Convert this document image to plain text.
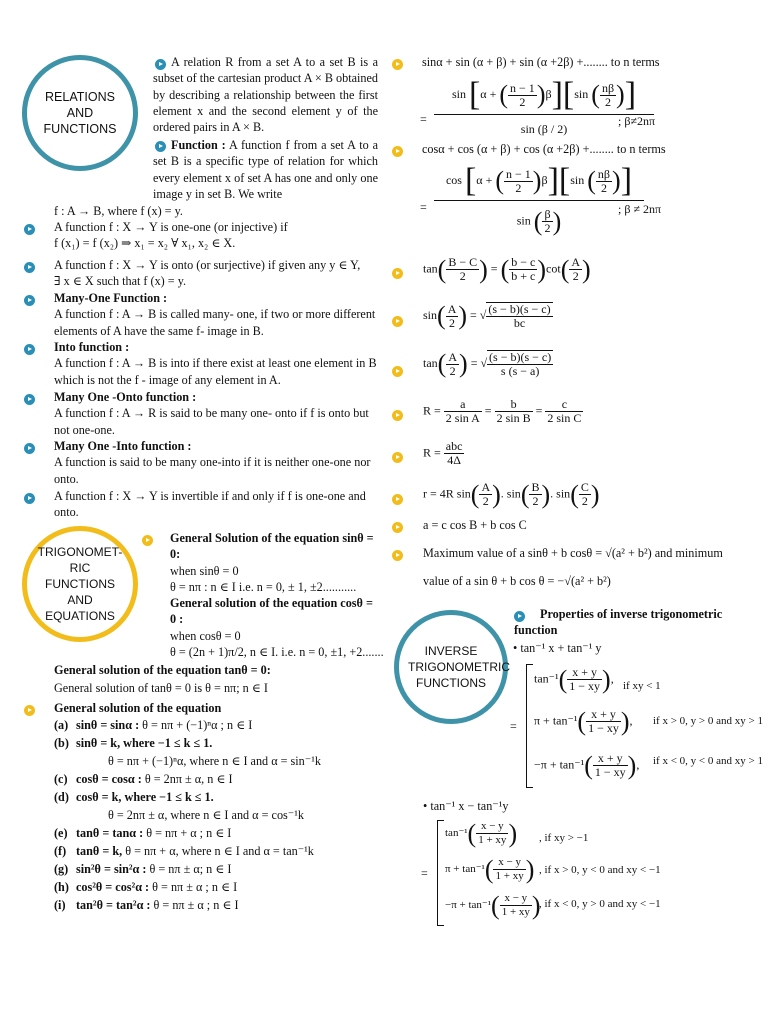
RELATIONS AND FUNCTIONS
A relation R from a set A to a set B is a subset of the cartesian product A × B obtained by describing a relationship between the first element x and the second element y of the ordered pairs in A × B.
Function : A function f from a set A to a set B is a specific type of relation for which every element x of set A has one and only one image y in set B. We write
f : A → B, where f (x) = y.
A function f : X → Y is one-one (or injective) if
f (x₁) = f (x₂) ⇒ x₁ = x₂ ∀ x₁, x₂ ∈ X.
A function f : X → Y is onto (or surjective) if given any y ∈ Y, ∃ x ∈ X such that f (x) = y.
Many-One Function :
A function f : A → B is called many- one, if two or more different elements of A have the same f- image in B.
Into function :
A function f : A → B is into if there exist at least one element in B which is not the f - image of any element in A.
Many One -Onto function :
A function f : A → R is said to be many one- onto if f is onto but not one-one.
Many One -Into function :
A function is said to be many one-into if it is neither one-one nor onto.
A function f : X → Y is invertible if and only if f is one-one and onto.
TRIGONOMET-RIC FUNCTIONS AND EQUATIONS
General Solution of the equation sinθ = 0:
when sinθ = 0
θ = nπ : n ∈ I i.e. n = 0, ± 1, ±2...........
General solution of the equation cosθ = 0 :
when cosθ = 0
θ = (2n + 1)π/2, n ∈ I. i.e. n = 0, ±1, +2.......
General solution of the equation tanθ = 0:
General solution of tanθ = 0 is θ = nπ; n ∈ I
General solution of the equation
(a) sinθ = sinα : θ = nπ + (−1)ⁿα ; n ∈ I
(b) sinθ = k, where −1 ≤ k ≤ 1.
θ = nπ + (−1)ⁿα, where n ∈ I and α = sin⁻¹k
(c) cosθ = cosα : θ = 2nπ ± α, n ∈ I
(d) cosθ = k, where −1 ≤ k ≤ 1.
θ = 2nπ ± α, where n ∈ I and α = cos⁻¹k
(e) tanθ = tanα : θ = nπ + α ; n ∈ I
(f) tanθ = k, θ = nπ + α, where n ∈ I and α = tan⁻¹k
(g) sin²θ = sin²α : θ = nπ ± α; n ∈ I
(h) cos²θ = cos²α : θ = nπ ± α ; n ∈ I
(i) tan²θ = tan²α : θ = nπ ± α ; n ∈ I
sinα + sin (α + β) + sin (α +2β) +........ to n terms
=
sin [α + ( $\frac{n - 1}{2} )\beta][\sin$ ( $\frac{n\beta}{2}$ )]
sin (β / 2)
; β≠2nπ
cosα + cos (α + β) + cos (α +2β) +........ to n terms
=
cos [α + ( $\frac{n - 1}{2} )\beta][\sin$ ( $\frac{n\beta}{2}$ )]
sin ( $\frac{\beta}{2}$ )	; β ≠ 2nπ
$\tan( \frac{B - C}{2}$ ) = ( $\frac{b - c}{b + c} )\cot( \frac{A}{2}$ )
$\sin( \frac{A}{2}$ ) = √ $\frac{(s - b)(s - c)}{bc}$
$\tan( \frac{A}{2}$ ) = √ $\frac{(s - b)(s - c)}{s (s - a)}$
$R = \frac{a}{\text{2 sin A}} = \frac{b}{\text{2 sin B}} = \frac{c}{\text{2 sin C}}$
$R = \frac{\text{abc}}{4\Delta}$
r = 4R $\sin( \frac{A}{2}$ ). $\sin( \frac{B}{2}$ ). $\sin( \frac{C}{2}$ )
a = c cos B + b cos C
Maximum value of a sinθ + b cosθ = √(a² + b²) and minimum
value of a sin θ + b cos θ = −√(a² + b²)
INVERSE TRIGONOMETRIC FUNCTIONS
Properties of inverse trigonometric function
• tan⁻¹ x + tan⁻¹ y
=
$\tan^{-1}( \frac{x + y}{1 - xy}$ ),
if xy < 1
$\pi + \tan^{-1}( \frac{x + y}{1 - xy}$ ), if x > 0, y > 0 and xy > 1
$-\pi + \tan^{-1}( \frac{x + y}{1 - xy}$ ), if x < 0, y < 0 and xy > 1
• tan⁻¹ x − tan⁻¹y
=
$\tan^{-1}( \frac{x - y}{1 + xy}$ ) , if xy > −1
$\pi + \tan^{-1}( \frac{x - y}{1 + xy}$ ) , if x > 0, y < 0 and xy < −1
$-\pi + \tan^{-1}( \frac{x - y}{1 + xy}$ )
, if x < 0, y > 0 and xy < −1
